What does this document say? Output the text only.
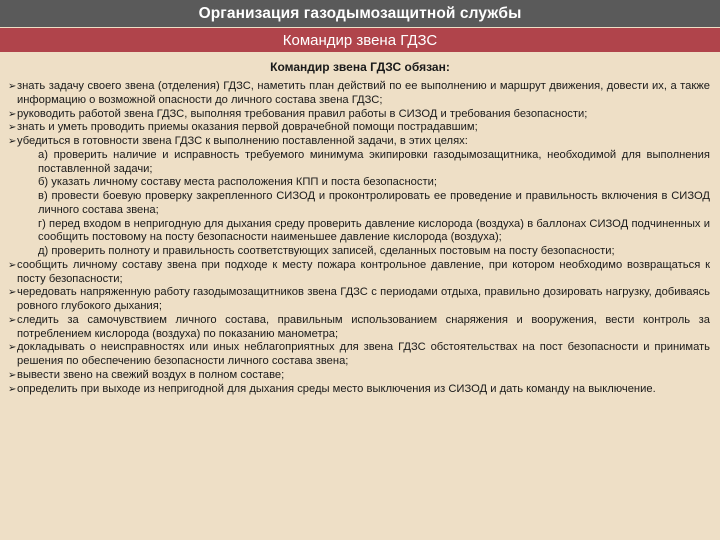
Организация газодымозащитной службы
Командир звена ГДЗС
Командир звена ГДЗС обязан:
➢ знать задачу своего звена (отделения) ГДЗС, наметить план действий по ее выполнению и маршрут движения, довести их, а также информацию о возможной опасности до личного состава звена ГДЗС;
➢ руководить работой звена ГДЗС, выполняя требования правил работы в СИЗОД и требования безопасности;
➢ знать и уметь проводить приемы оказания первой доврачебной помощи пострадавшим;
➢ убедиться в готовности звена ГДЗС к выполнению поставленной задачи, в этих целях:
а) проверить наличие и исправность требуемого минимума экипировки газодымозащитника, необходимой для выполнения поставленной задачи;
б) указать личному составу места расположения КПП и поста безопасности;
в) провести боевую проверку закрепленного СИЗОД и проконтролировать ее проведение и правильность включения в СИЗОД личного состава звена;
г) перед входом в непригодную для дыхания среду проверить давление кислорода (воздуха) в баллонах СИЗОД подчиненных и сообщить постовому на посту безопасности наименьшее давление кислорода (воздуха);
д) проверить полноту и правильность соответствующих записей, сделанных постовым на посту безопасности;
➢ сообщить личному составу звена при подходе к месту пожара контрольное давление, при котором необходимо возвращаться к посту безопасности;
➢ чередовать напряженную работу газодымозащитников звена ГДЗС с периодами отдыха, правильно дозировать нагрузку, добиваясь ровного глубокого дыхания;
➢ следить за самочувствием личного состава, правильным использованием снаряжения и вооружения, вести контроль за потреблением кислорода (воздуха) по показанию манометра;
➢ докладывать о неисправностях или иных неблагоприятных для звена ГДЗС обстоятельствах на пост безопасности и принимать решения по обеспечению безопасности личного состава звена;
➢ вывести звено на свежий воздух в полном составе;
➢ определить при выходе из непригодной для дыхания среды место выключения из СИЗОД и дать команду на выключение.
